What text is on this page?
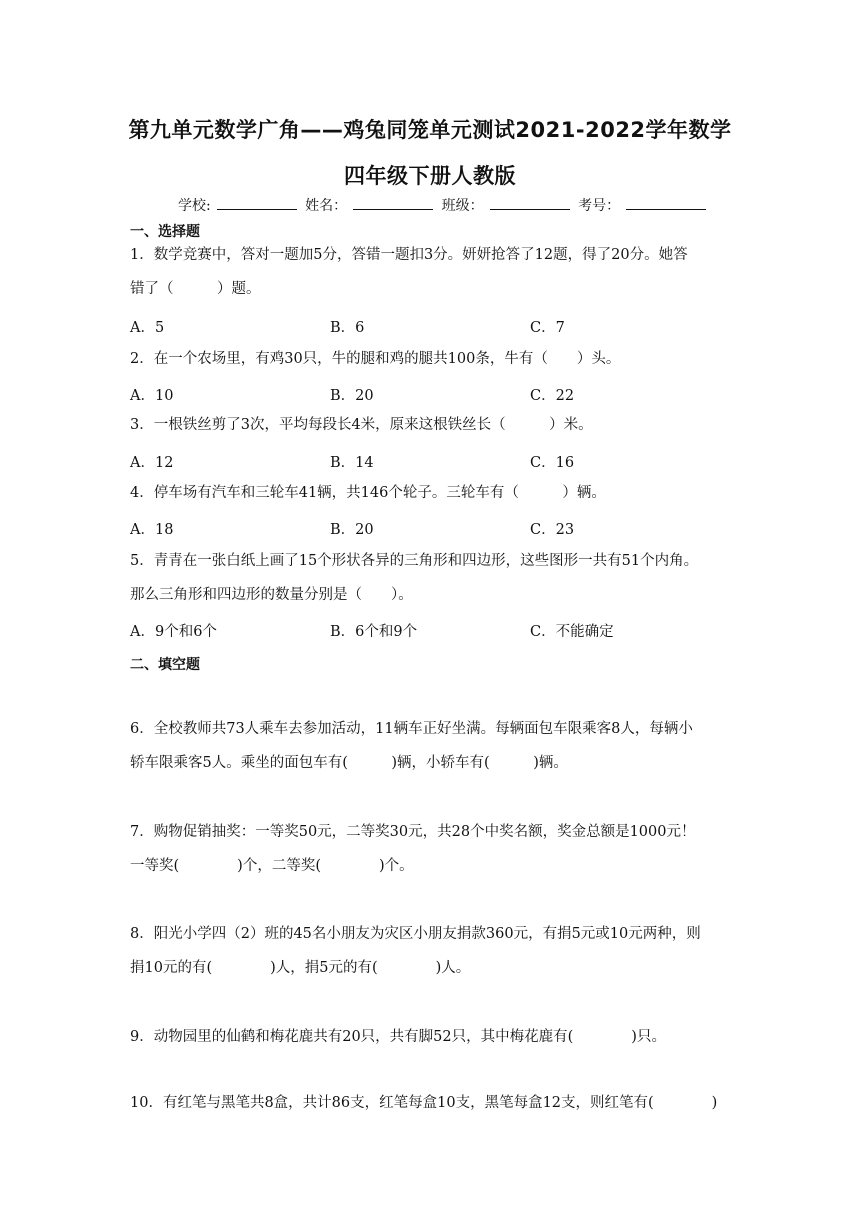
第九单元数学广角——鸡兔同笼单元测试2021-2022学年数学
四年级下册人教版
学校:	姓名：	班级：	考号：
一、选择题
1．数学竞赛中，答对一题加5分，答错一题扣3分。妍妍抢答了12题，得了20分。她答
错了（　　　）题。
A．5	B．6	C．7
2．在一个农场里，有鸡30只，牛的腿和鸡的腿共100条，牛有（　　）头。
A．10	B．20	C．22
3．一根铁丝剪了3次，平均每段长4米，原来这根铁丝长（　　　）米。
A．12	B．14	C．16
4．停车场有汽车和三轮车41辆，共146个轮子。三轮车有（　　　）辆。
A．18	B．20	C．23
5．青青在一张白纸上画了15个形状各异的三角形和四边形，这些图形一共有51个内角。
那么三角形和四边形的数量分别是（　　）。
A．9个和6个	B．6个和9个	C．不能确定
二、填空题
6．全校教师共73人乘车去参加活动，11辆车正好坐满。每辆面包车限乘客8人，每辆小
轿车限乘客5人。乘坐的面包车有(　　　)辆，小轿车有(　　　)辆。
7．购物促销抽奖：一等奖50元，二等奖30元，共28个中奖名额，奖金总额是1000元！
一等奖(　　　　)个，二等奖(　　　　)个。
8．阳光小学四（2）班的45名小朋友为灾区小朋友捐款360元，有捐5元或10元两种，则
捐10元的有(　　　　)人，捐5元的有(　　　　)人。
9．动物园里的仙鹤和梅花鹿共有20只，共有脚52只，其中梅花鹿有(　　　　)只。
10．有红笔与黑笔共8盒，共计86支，红笔每盒10支，黑笔每盒12支，则红笔有(　　　　)
